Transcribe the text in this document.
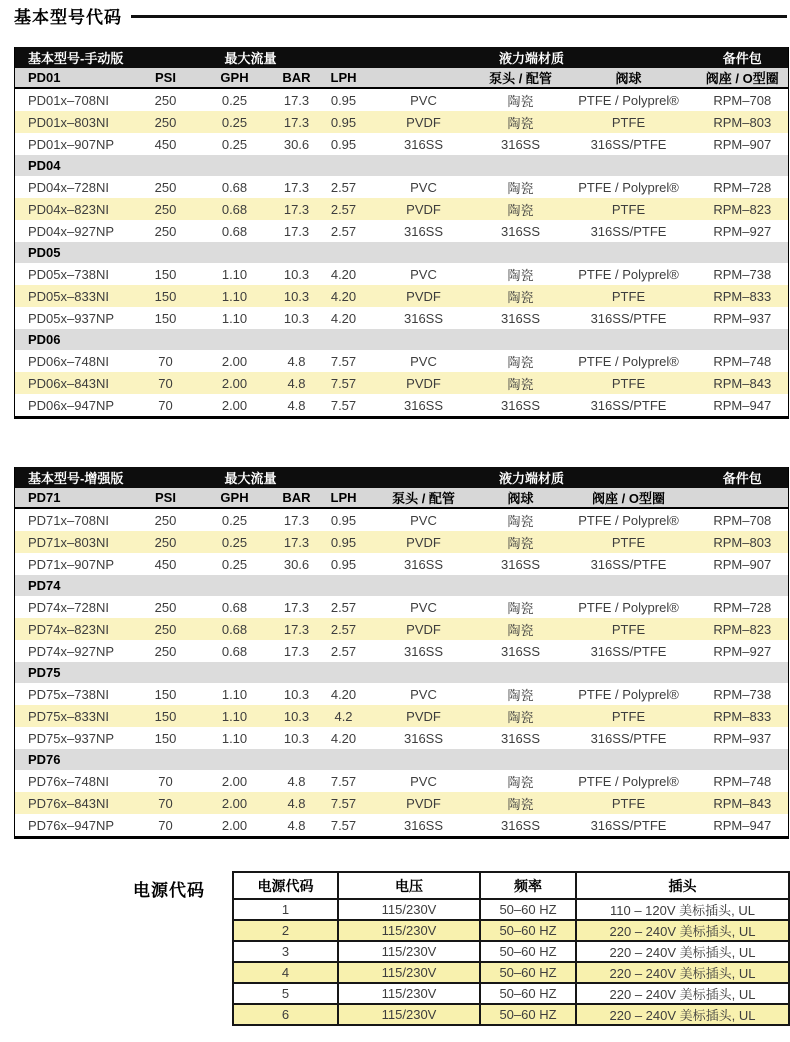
基本型号代码
基本型号-手动版	最大流量				液力端材质			备件包
PD01	PSI	GPH	BAR	LPH		泵头 / 配管	阀球	阀座 / O型圈
PD01x–708NI	250	0.25	17.3	0.95	PVC	陶瓷	PTFE / Polyprel®	RPM–708
PD01x–803NI	250	0.25	17.3	0.95	PVDF	陶瓷	PTFE	RPM–803
PD01x–907NP	450	0.25	30.6	0.95	316SS	316SS	316SS/PTFE	RPM–907
PD04								
PD04x–728NI	250	0.68	17.3	2.57	PVC	陶瓷	PTFE / Polyprel®	RPM–728
PD04x–823NI	250	0.68	17.3	2.57	PVDF	陶瓷	PTFE	RPM–823
PD04x–927NP	250	0.68	17.3	2.57	316SS	316SS	316SS/PTFE	RPM–927
PD05								
PD05x–738NI	150	1.10	10.3	4.20	PVC	陶瓷	PTFE / Polyprel®	RPM–738
PD05x–833NI	150	1.10	10.3	4.20	PVDF	陶瓷	PTFE	RPM–833
PD05x–937NP	150	1.10	10.3	4.20	316SS	316SS	316SS/PTFE	RPM–937
PD06								
PD06x–748NI	70	2.00	4.8	7.57	PVC	陶瓷	PTFE / Polyprel®	RPM–748
PD06x–843NI	70	2.00	4.8	7.57	PVDF	陶瓷	PTFE	RPM–843
PD06x–947NP	70	2.00	4.8	7.57	316SS	316SS	316SS/PTFE	RPM–947
基本型号-增强版	最大流量				液力端材质			备件包
PD71	PSI	GPH	BAR	LPH	泵头 / 配管	阀球	阀座 / O型圈	
PD71x–708NI	250	0.25	17.3	0.95	PVC	陶瓷	PTFE / Polyprel®	RPM–708
PD71x–803NI	250	0.25	17.3	0.95	PVDF	陶瓷	PTFE	RPM–803
PD71x–907NP	450	0.25	30.6	0.95	316SS	316SS	316SS/PTFE	RPM–907
PD74								
PD74x–728NI	250	0.68	17.3	2.57	PVC	陶瓷	PTFE / Polyprel®	RPM–728
PD74x–823NI	250	0.68	17.3	2.57	PVDF	陶瓷	PTFE	RPM–823
PD74x–927NP	250	0.68	17.3	2.57	316SS	316SS	316SS/PTFE	RPM–927
PD75								
PD75x–738NI	150	1.10	10.3	4.20	PVC	陶瓷	PTFE / Polyprel®	RPM–738
PD75x–833NI	150	1.10	10.3	4.2	PVDF	陶瓷	PTFE	RPM–833
PD75x–937NP	150	1.10	10.3	4.20	316SS	316SS	316SS/PTFE	RPM–937
PD76								
PD76x–748NI	70	2.00	4.8	7.57	PVC	陶瓷	PTFE / Polyprel®	RPM–748
PD76x–843NI	70	2.00	4.8	7.57	PVDF	陶瓷	PTFE	RPM–843
PD76x–947NP	70	2.00	4.8	7.57	316SS	316SS	316SS/PTFE	RPM–947
电源代码	电源代码	电压	频率	插头
1	115/230V	50–60 HZ	110 – 120V 美标插头, UL
2	115/230V	50–60 HZ	220 – 240V 美标插头, UL
3	115/230V	50–60 HZ	220 – 240V 美标插头, UL
4	115/230V	50–60 HZ	220 – 240V 美标插头, UL
5	115/230V	50–60 HZ	220 – 240V 美标插头, UL
6	115/230V	50–60 HZ	220 – 240V 美标插头, UL
